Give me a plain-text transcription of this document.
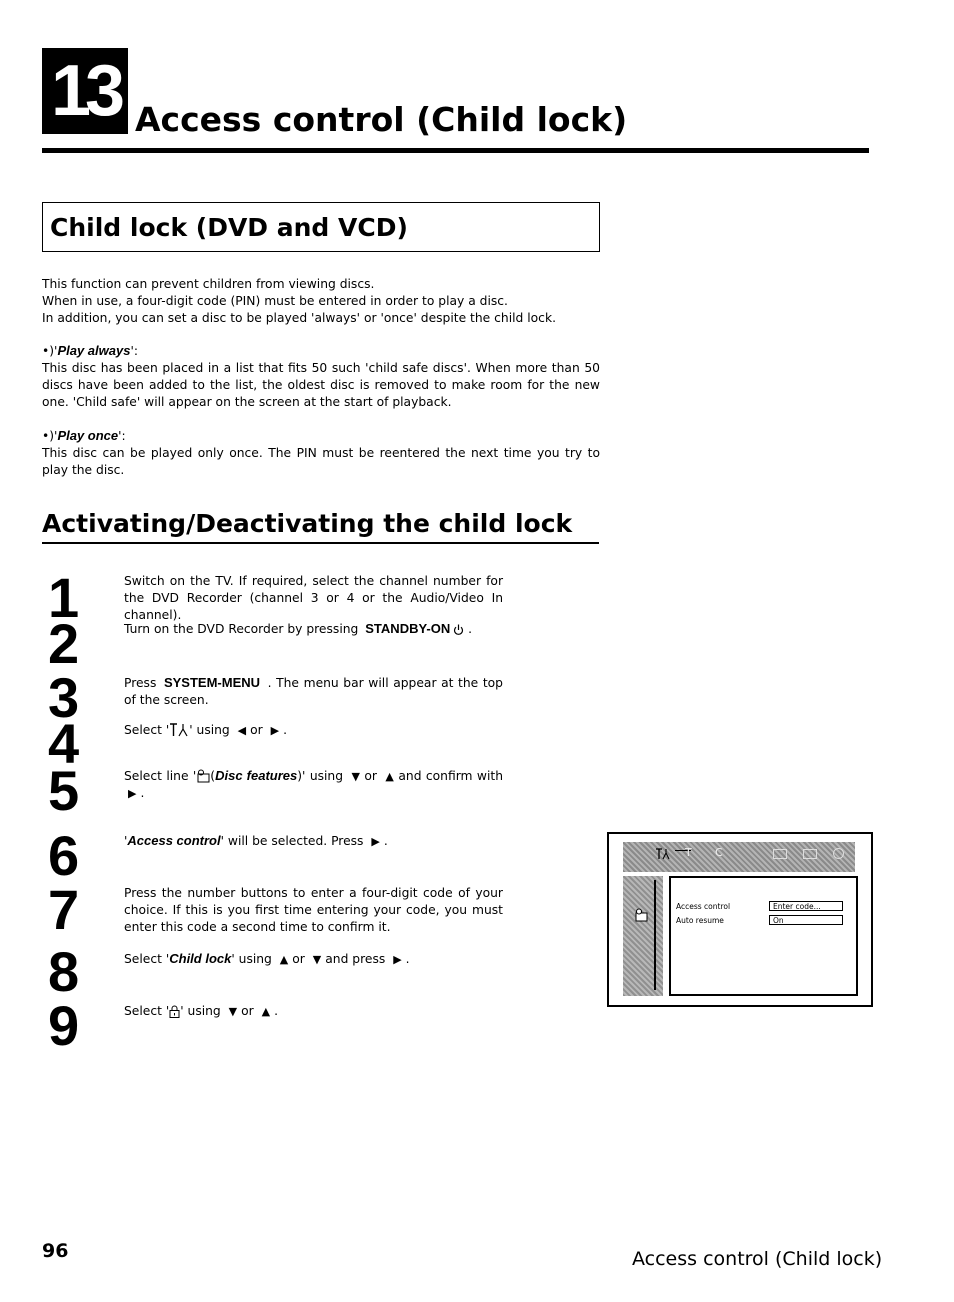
13 Access control (Child lock)
Child lock (DVD and VCD)
This function can prevent children from viewing discs.
When in use, a four-digit code (PIN) must be entered in order to play a disc.
In addition, you can set a disc to be played 'always' or 'once' despite the child lock.
•)'Play always':
This disc has been placed in a list that fits 50 such 'child safe discs'. When more than 50 discs have been added to the list, the oldest disc is removed to make room for the new one. 'Child safe' will appear on the screen at the start of playback.
•)'Play once':
This disc can be played only once. The PIN must be reentered the next time you try to play the disc.
Activating/Deactivating the child lock
1
2
3
4
5
6
7
8
9
Switch on the TV. If required, select the channel number for the DVD Recorder (channel 3 or 4 or the Audio/Video In channel).
Turn on the DVD Recorder by pressing STANDBY-ON .
Press SYSTEM-MENU . The menu bar will appear at the top of the screen.
Select ' ' using ◀ or ▶ .
Select line ' (Disc features)' using ▼ or ▲ and confirm with ▶ .
'Access control' will be selected. Press ▶ .
Press the number buttons to enter a four-digit code of your choice. If this is you first time entering your code, you must enter this code a second time to confirm it.
Select 'Child lock' using ▲ or ▼ and press ▶ .
Select ' ' using ▼ or ▲ .
T C
Access control	Enter code...
Auto resume	On
96	Access control (Child lock)
